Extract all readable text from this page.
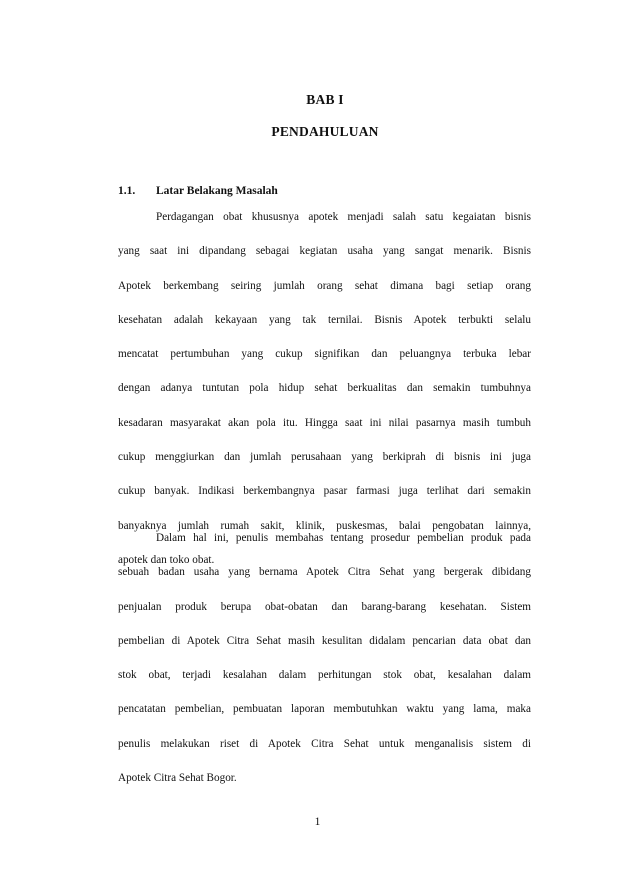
BAB I
PENDAHULUAN
1.1. Latar Belakang Masalah
Perdagangan obat khususnya apotek menjadi salah satu kegaiatan bisnis
yang saat ini dipandang sebagai kegiatan usaha yang sangat menarik. Bisnis
Apotek berkembang seiring jumlah orang sehat dimana bagi setiap orang
kesehatan adalah kekayaan yang tak ternilai. Bisnis Apotek terbukti selalu
mencatat pertumbuhan yang cukup signifikan dan peluangnya terbuka lebar
dengan adanya tuntutan pola hidup sehat berkualitas dan semakin tumbuhnya
kesadaran masyarakat akan pola itu. Hingga saat ini nilai pasarnya masih tumbuh
cukup menggiurkan dan jumlah perusahaan yang berkiprah di bisnis ini juga
cukup banyak. Indikasi berkembangnya pasar farmasi juga terlihat dari semakin
banyaknya jumlah rumah sakit, klinik, puskesmas, balai pengobatan lainnya,
apotek dan toko obat.
Dalam hal ini, penulis membahas tentang prosedur pembelian produk pada
sebuah badan usaha yang bernama Apotek Citra Sehat yang bergerak dibidang
penjualan produk berupa obat-obatan dan barang-barang kesehatan. Sistem
pembelian di Apotek Citra Sehat masih kesulitan didalam pencarian data obat dan
stok obat, terjadi kesalahan dalam perhitungan stok obat, kesalahan dalam
pencatatan pembelian, pembuatan laporan membutuhkan waktu yang lama, maka
penulis melakukan riset di Apotek Citra Sehat untuk menganalisis sistem di
Apotek Citra Sehat Bogor.
1
